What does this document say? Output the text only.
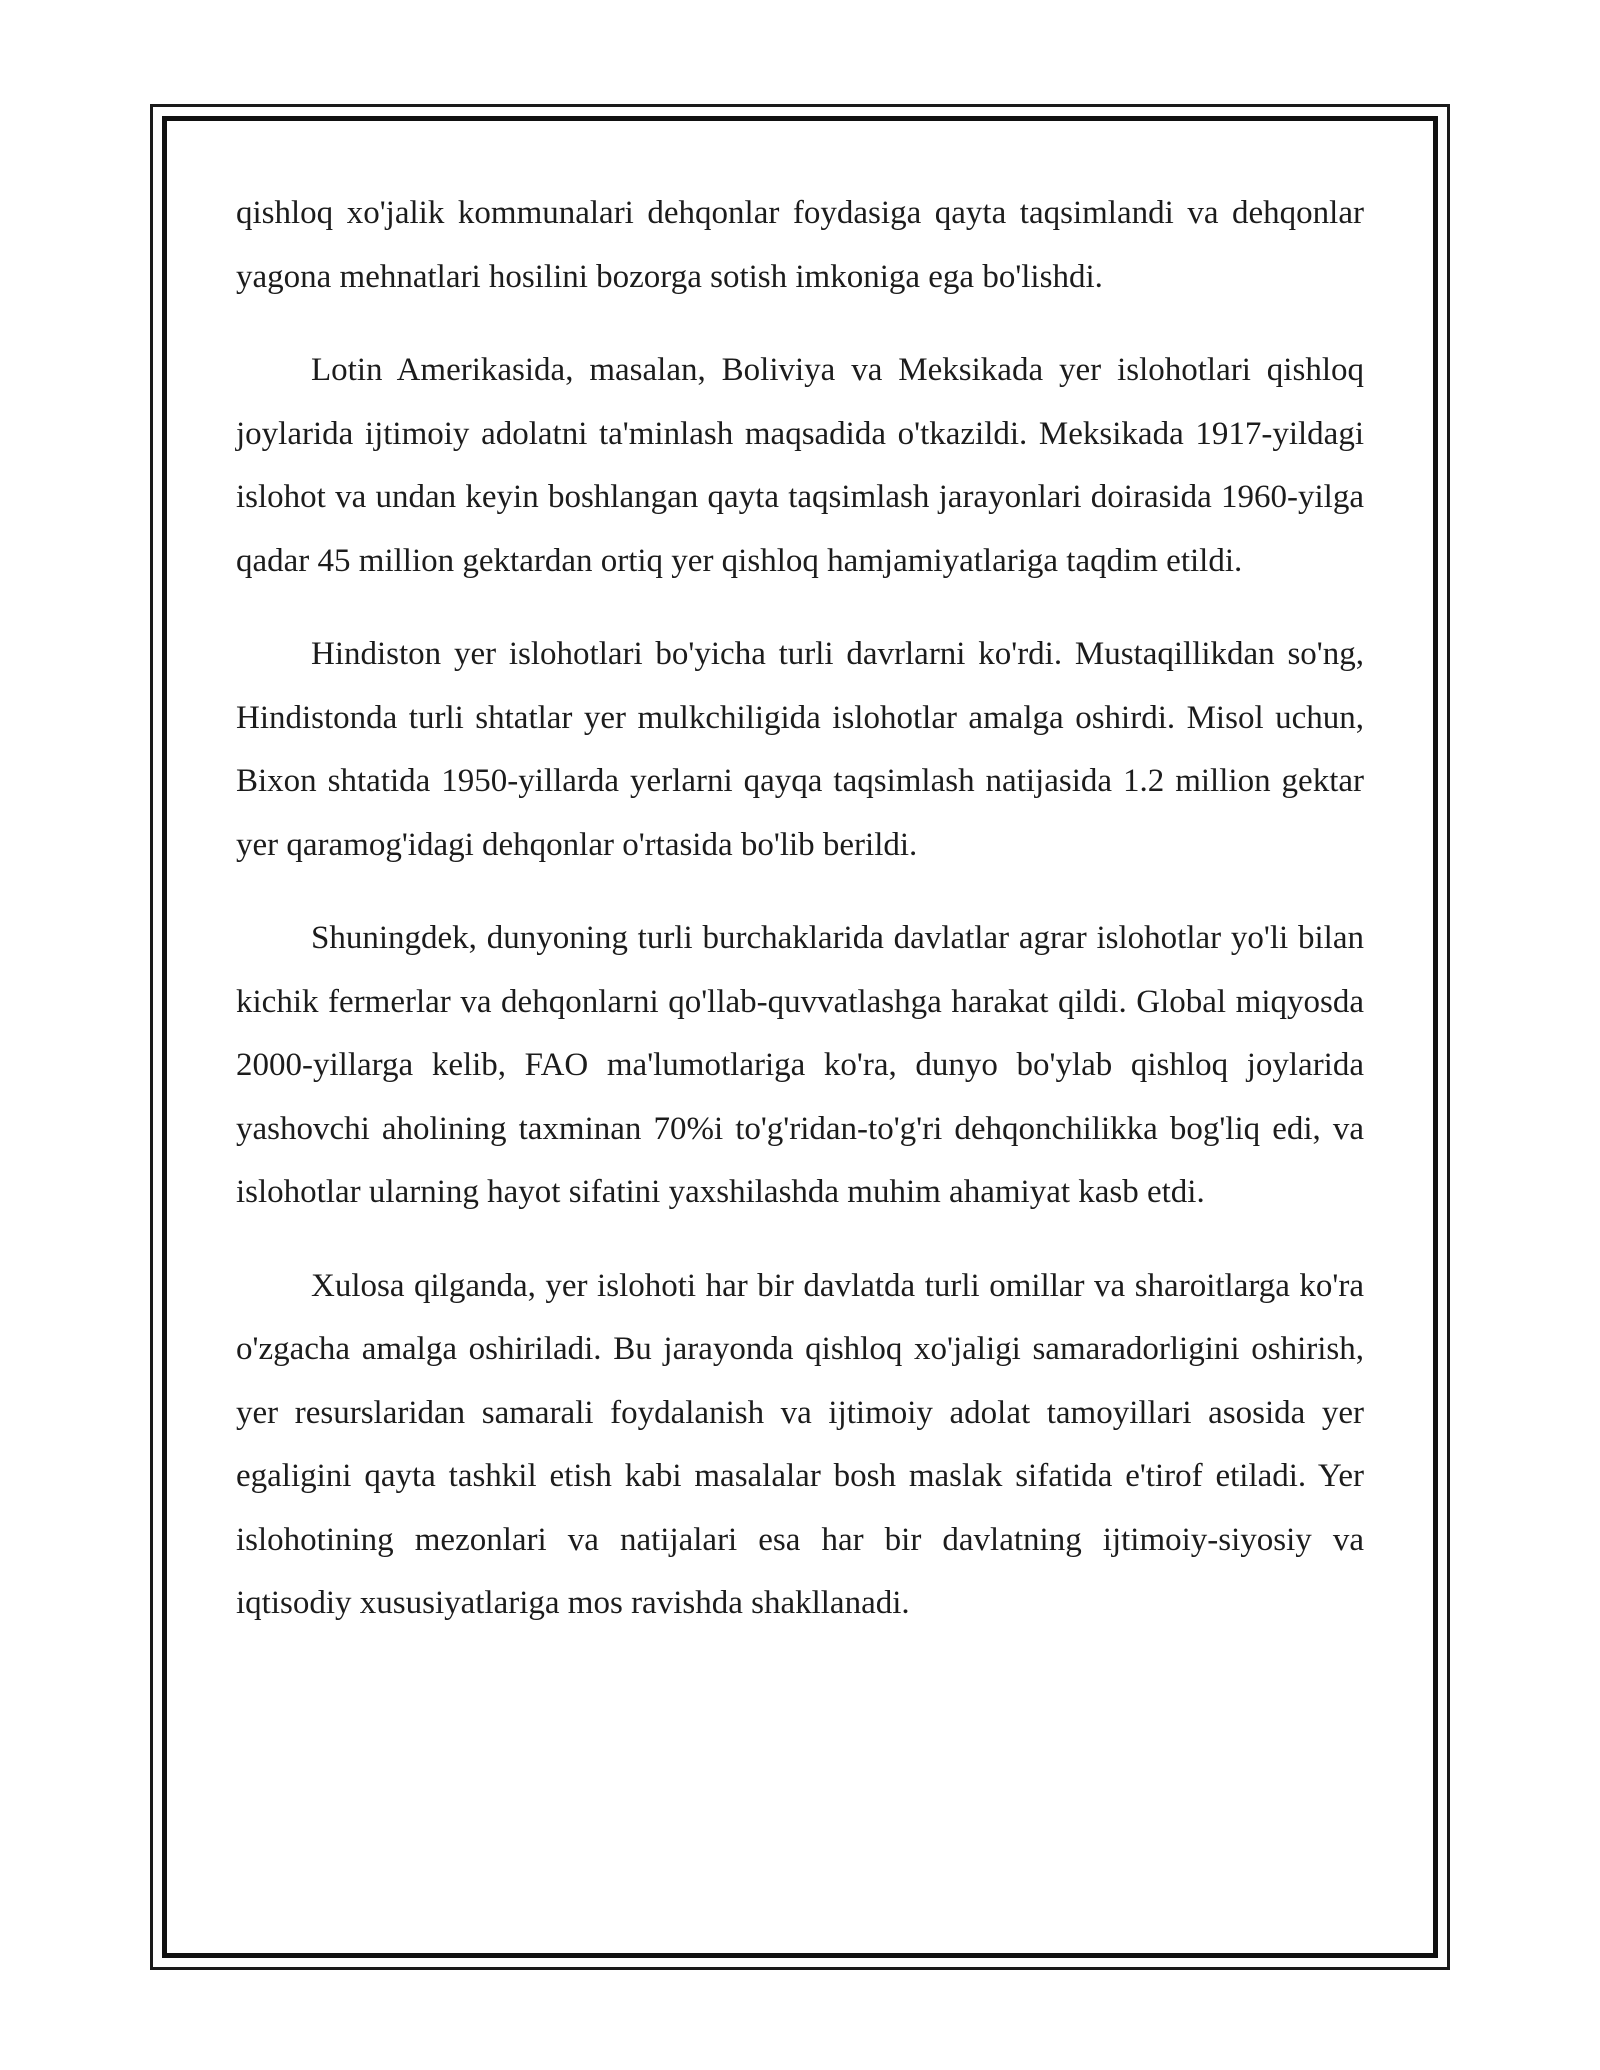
qishloq xo'jalik kommunalari dehqonlar foydasiga qayta taqsimlandi va dehqonlar yagona mehnatlari hosilini bozorga sotish imkoniga ega bo'lishdi.

Lotin Amerikasida, masalan, Boliviya va Meksikada yer islohotlari qishloq joylarida ijtimoiy adolatni ta'minlash maqsadida o'tkazildi. Meksikada 1917-yildagi islohot va undan keyin boshlangan qayta taqsimlash jarayonlari doirasida 1960-yilga qadar 45 million gektardan ortiq yer qishloq hamjamiyatlariga taqdim etildi.

Hindiston yer islohotlari bo'yicha turli davrlarni ko'rdi. Mustaqillikdan so'ng, Hindistonda turli shtatlar yer mulkchiligida islohotlar amalga oshirdi. Misol uchun, Bixon shtatida 1950-yillarda yerlarni qayqa taqsimlash natijasida 1.2 million gektar yer qaramog'idagi dehqonlar o'rtasida bo'lib berildi.

Shuningdek, dunyoning turli burchaklarida davlatlar agrar islohotlar yo'li bilan kichik fermerlar va dehqonlarni qo'llab-quvvatlashga harakat qildi. Global miqyosda 2000-yillarga kelib, FAO ma'lumotlariga ko'ra, dunyo bo'ylab qishloq joylarida yashovchi aholining taxminan 70%i to'g'ridan-to'g'ri dehqonchilikka bog'liq edi, va islohotlar ularning hayot sifatini yaxshilashda muhim ahamiyat kasb etdi.

Xulosa qilganda, yer islohoti har bir davlatda turli omillar va sharoitlarga ko'ra o'zgacha amalga oshiriladi. Bu jarayonda qishloq xo'jaligi samaradorligini oshirish, yer resurslaridan samarali foydalanish va ijtimoiy adolat tamoyillari asosida yer egaligini qayta tashkil etish kabi masalalar bosh maslak sifatida e'tirof etiladi. Yer islohotining mezonlari va natijalari esa har bir davlatning ijtimoiy-siyosiy va iqtisodiy xususiyatlariga mos ravishda shakllanadi.
